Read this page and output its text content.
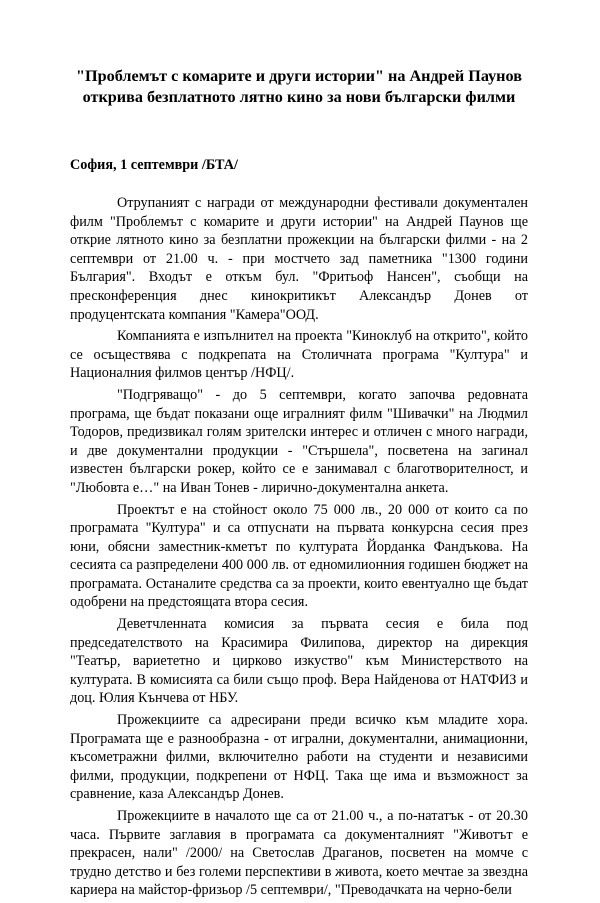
"Проблемът с комарите и други истории" на Андрей Паунов открива безплатното лятно кино за нови български филми

София, 1 септември /БТА/

Отрупаният с награди от международни фестивали документален филм "Проблемът с комарите и други истории" на Андрей Паунов ще открие лятното кино за безплатни прожекции на български филми - на 2 септември от 21.00 ч. - при мостчето зад паметника "1300 години България". Входът е откъм бул. "Фритьоф Нансен", съобщи на пресконференция днес кинокритикът Александър Донев от продуцентската компания "Камера"ООД.

Компанията е изпълнител на проекта "Киноклуб на открито", който се осъществява с подкрепата на Столичната програма "Култура" и Националния филмов център /НФЦ/.

"Подгряващо" - до 5 септември, когато започва редовната програма, ще бъдат показани още игралният филм "Шивачки" на Людмил Тодоров, предизвикал голям зрителски интерес и отличен с много награди, и две документални продукции - "Стършела", посветена на загинал известен български рокер, който се е занимавал с благотворителност, и "Любовта е…" на Иван Тонев - лирично-документална анкета.

Проектът е на стойност около 75 000 лв., 20 000 от които са по програмата "Култура" и са отпуснати на първата конкурсна сесия през юни, обясни заместник-кметът по културата Йорданка Фандъкова. На сесията са разпределени 400 000 лв. от едномилионния годишен бюджет на програмата. Останалите средства са за проекти, които евентуално ще бъдат одобрени на предстоящата втора сесия.

Деветчленната комисия за първата сесия е била под председателството на Красимира Филипова, директор на дирекция "Театър, вариететно и цирково изкуство" към Министерството на културата. В комисията са били също проф. Вера Найденова от НАТФИЗ и доц. Юлия Кънчева от НБУ.

Прожекциите са адресирани преди всичко към младите хора. Програмата ще е разнообразна - от игрални, документални, анимационни, късометражни филми, включително работи на студенти и независими филми, продукции, подкрепени от НФЦ. Така ще има и възможност за сравнение, каза Александър Донев.

Прожекциите в началото ще са от 21.00 ч., а по-нататък - от 20.30 часа. Първите заглавия в програмата са документалният "Животът е прекрасен, нали" /2000/ на Светослав Драганов, посветен на момче с трудно детство и без големи перспективи в живота, което мечтае за звездна кариера на майстор-фризьор /5 септември/, "Преводачката на черно-бели
